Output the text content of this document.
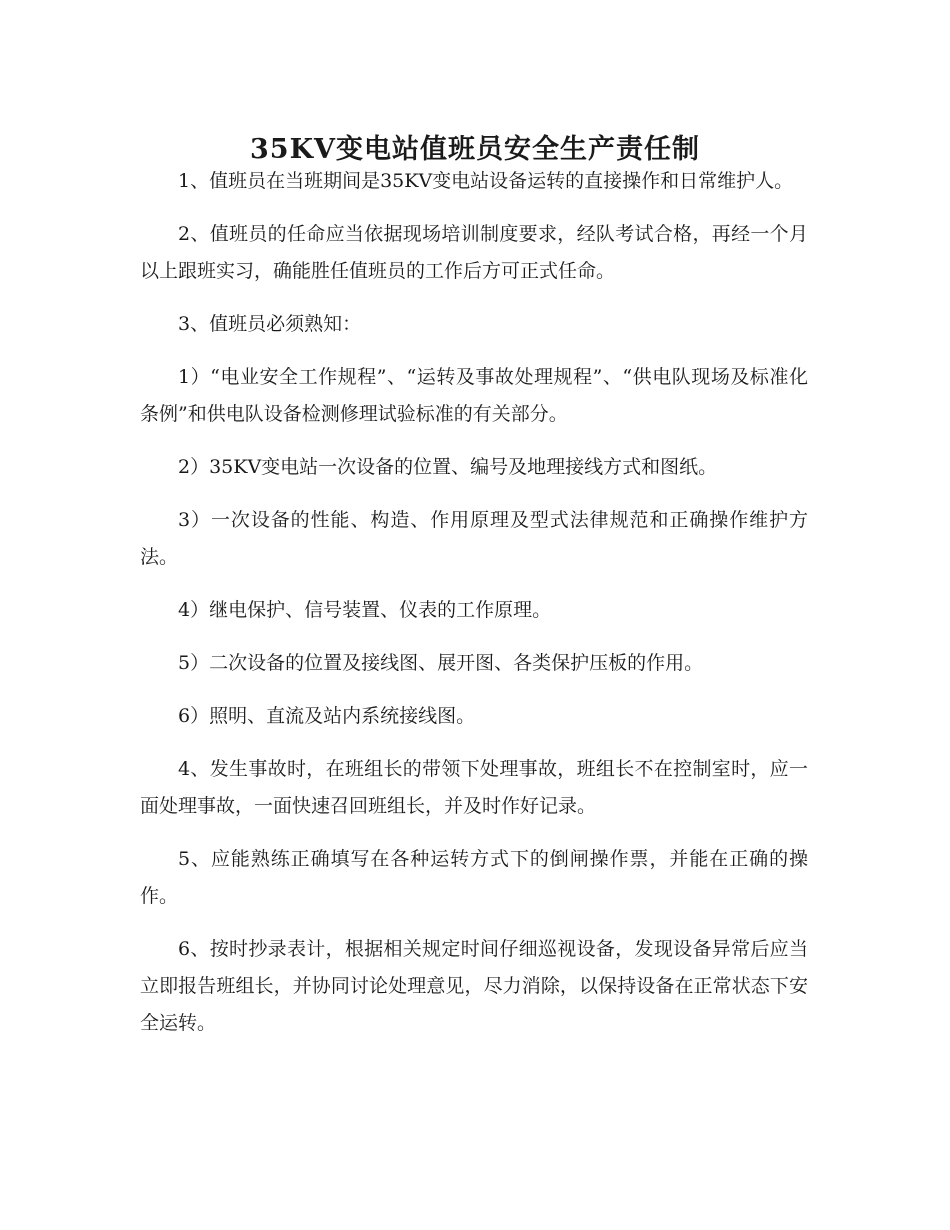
35KV变电站值班员安全生产责任制

1、值班员在当班期间是35KV变电站设备运转的直接操作和日常维护人。

2、值班员的任命应当依据现场培训制度要求，经队考试合格，再经一个月以上跟班实习，确能胜任值班员的工作后方可正式任命。

3、值班员必须熟知：

1）“电业安全工作规程”、“运转及事故处理规程”、“供电队现场及标准化条例”和供电队设备检测修理试验标准的有关部分。

2）35KV变电站一次设备的位置、编号及地理接线方式和图纸。

3）一次设备的性能、构造、作用原理及型式法律规范和正确操作维护方法。

4）继电保护、信号装置、仪表的工作原理。

5）二次设备的位置及接线图、展开图、各类保护压板的作用。

6）照明、直流及站内系统接线图。

4、发生事故时，在班组长的带领下处理事故，班组长不在控制室时，应一面处理事故，一面快速召回班组长，并及时作好记录。

5、应能熟练正确填写在各种运转方式下的倒闸操作票，并能在正确的操作。

6、按时抄录表计，根据相关规定时间仔细巡视设备，发现设备异常后应当立即报告班组长，并协同讨论处理意见，尽力消除，以保持设备在正常状态下安全运转。
